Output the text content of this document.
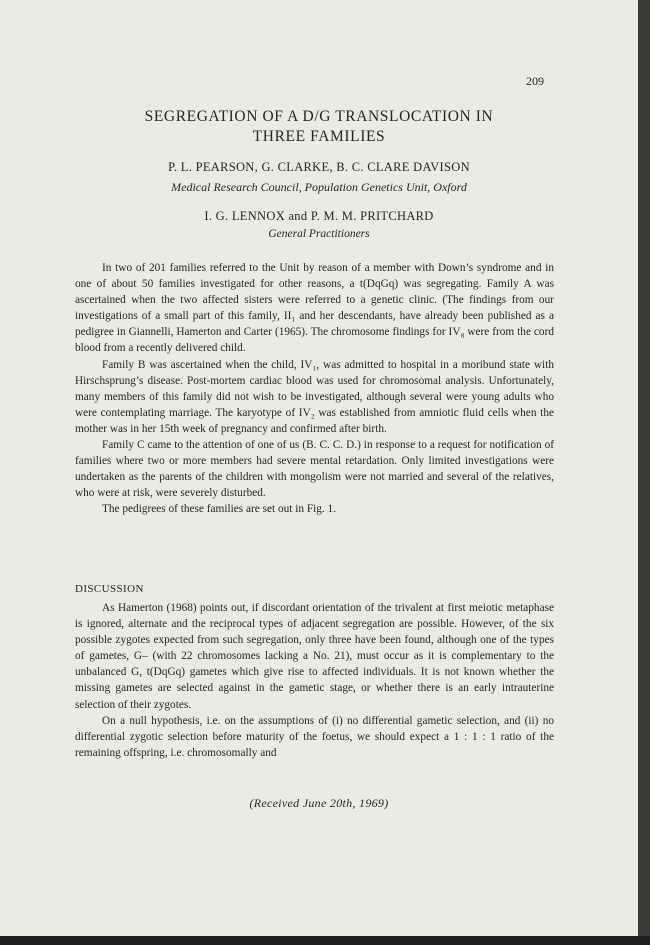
209
SEGREGATION OF A D/G TRANSLOCATION IN
THREE FAMILIES
P. L. PEARSON, G. CLARKE, B. C. CLARE DAVISON
Medical Research Council, Population Genetics Unit, Oxford
I. G. LENNOX and P. M. M. PRITCHARD
General Practitioners

In two of 201 families referred to the Unit by reason of a member with Down’s syndrome and in one of about 50 families investigated for other reasons, a t(DqGq) was segregating. Family A was ascertained when the two affected sisters were referred to a genetic clinic. (The findings from our investigations of a small part of this family, II₁ and her descendants, have already been published as a pedigree in Giannelli, Hamerton and Carter (1965). The chromosome findings for IV₈ were from the cord blood from a recently delivered child.

Family B was ascertained when the child, IV₁, was admitted to hospital in a moribund state with Hirschsprung’s disease. Post-mortem cardiac blood was used for chromosomal analysis. Unfortunately, many members of this family did not wish to be investigated, although several were young adults who were contemplating marriage. The karyotype of IV₂ was established from amniotic fluid cells when the mother was in her 15th week of pregnancy and confirmed after birth.

Family C came to the attention of one of us (B. C. C. D.) in response to a request for notification of families where two or more members had severe mental retardation. Only limited investigations were undertaken as the parents of the children with mongolism were not married and several of the relatives, who were at risk, were severely disturbed.

The pedigrees of these families are set out in Fig. 1.

DISCUSSION

As Hamerton (1968) points out, if discordant orientation of the trivalent at first meiotic metaphase is ignored, alternate and the reciprocal types of adjacent segregation are possible. However, of the six possible zygotes expected from such segregation, only three have been found, although one of the types of gametes, G– (with 22 chromosomes lacking a No. 21), must occur as it is complementary to the unbalanced G, t(DqGq) gametes which give rise to affected individuals. It is not known whether the missing gametes are selected against in the gametic stage, or whether there is an early intrauterine selection of their zygotes.

On a null hypothesis, i.e. on the assumptions of (i) no differential gametic selection, and (ii) no differential zygotic selection before maturity of the foetus, we should expect a 1 : 1 : 1 ratio of the remaining offspring, i.e. chromosomally and

(Received June 20th, 1969)
